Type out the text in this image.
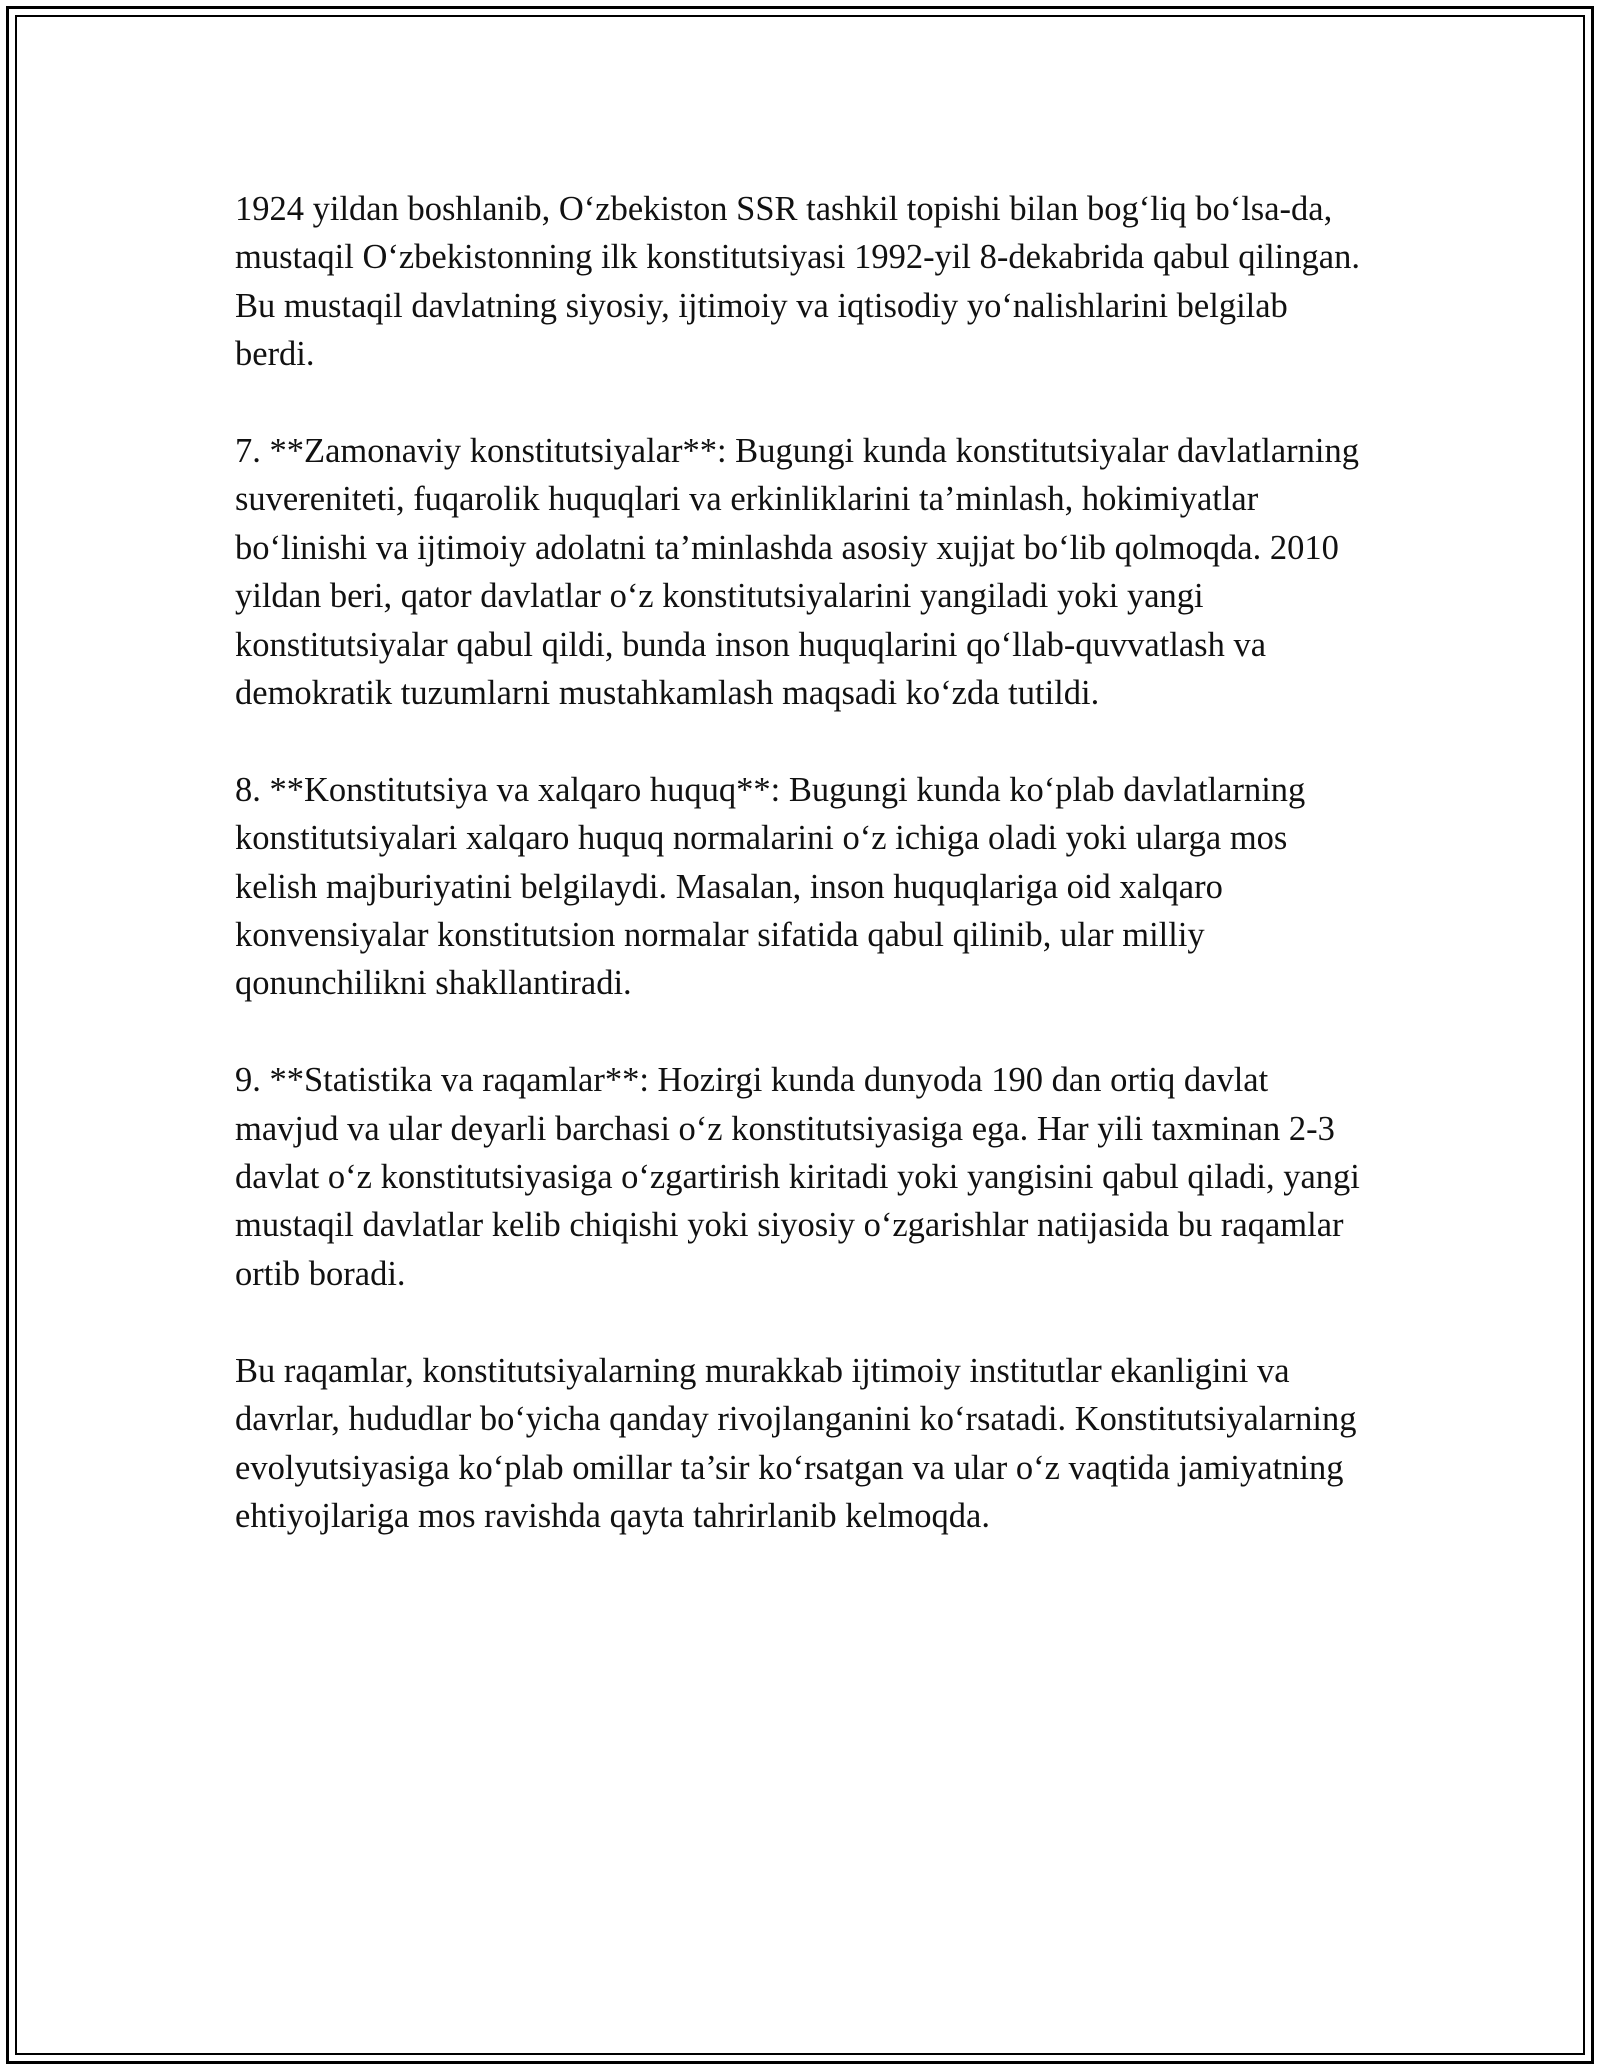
1924 yildan boshlanib, O‘zbekiston SSR tashkil topishi bilan bog‘liq bo‘lsa-da, mustaqil O‘zbekistonning ilk konstitutsiyasi 1992-yil 8-dekabrida qabul qilingan. Bu mustaqil davlatning siyosiy, ijtimoiy va iqtisodiy yo‘nalishlarini belgilab berdi.

7. **Zamonaviy konstitutsiyalar**: Bugungi kunda konstitutsiyalar davlatlarning suvereniteti, fuqarolik huquqlari va erkinliklarini ta’minlash, hokimiyatlar bo‘linishi va ijtimoiy adolatni ta’minlashda asosiy xujjat bo‘lib qolmoqda. 2010 yildan beri, qator davlatlar o‘z konstitutsiyalarini yangiladi yoki yangi konstitutsiyalar qabul qildi, bunda inson huquqlarini qo‘llab-quvvatlash va demokratik tuzumlarni mustahkamlash maqsadi ko‘zda tutildi.

8. **Konstitutsiya va xalqaro huquq**: Bugungi kunda ko‘plab davlatlarning konstitutsiyalari xalqaro huquq normalarini o‘z ichiga oladi yoki ularga mos kelish majburiyatini belgilaydi. Masalan, inson huquqlariga oid xalqaro konvensiyalar konstitutsion normalar sifatida qabul qilinib, ular milliy qonunchilikni shakllantiradi.

9. **Statistika va raqamlar**: Hozirgi kunda dunyoda 190 dan ortiq davlat mavjud va ular deyarli barchasi o‘z konstitutsiyasiga ega. Har yili taxminan 2-3 davlat o‘z konstitutsiyasiga o‘zgartirish kiritadi yoki yangisini qabul qiladi, yangi mustaqil davlatlar kelib chiqishi yoki siyosiy o‘zgarishlar natijasida bu raqamlar ortib boradi.

Bu raqamlar, konstitutsiyalarning murakkab ijtimoiy institutlar ekanligini va davrlar, hududlar bo‘yicha qanday rivojlanganini ko‘rsatadi. Konstitutsiyalarning evolyutsiyasiga ko‘plab omillar ta’sir ko‘rsatgan va ular o‘z vaqtida jamiyatning ehtiyojlariga mos ravishda qayta tahrirlanib kelmoqda.
